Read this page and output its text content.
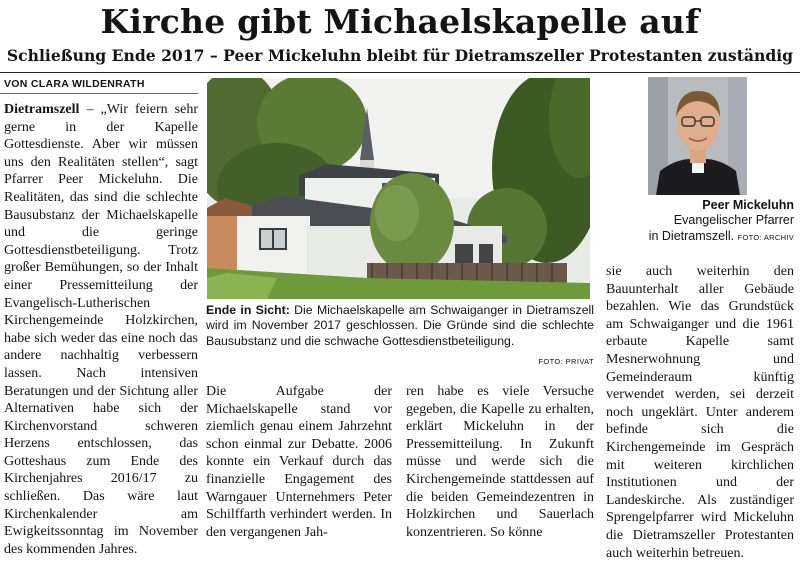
Kirche gibt Michaelskapelle auf
Schließung Ende 2017 – Peer Mickeluhn bleibt für Dietramszeller Protestanten zuständig
VON CLARA WILDENRATH
Dietramszell – „Wir feiern sehr gerne in der Kapelle Gottesdienste. Aber wir müssen uns den Realitäten stellen“, sagt Pfarrer Peer Mickeluhn. Die Realitäten, das sind die schlechte Bausubstanz der Michaelskapelle und die geringe Gottesdienstbeteiligung. Trotz großer Bemühungen, so der Inhalt einer Pressemitteilung der Evangelisch-Lutherischen Kirchengemeinde Holzkirchen, habe sich weder das eine noch das andere nachhaltig verbessern lassen. Nach intensiven Beratungen und der Sichtung aller Alternativen habe sich der Kirchenvorstand schweren Herzens entschlossen, das Gotteshaus zum Ende des Kirchenjahres 2016/17 zu schließen. Das wäre laut Kirchenkalender am Ewigkeitssonntag im November des kommenden Jahres.
Ende in Sicht: Die Michaelskapelle am Schwaiganger in Dietramszell wird im November 2017 geschlossen. Die Gründe sind die schlechte Bausubstanz und die schwache Gottesdienstbeteiligung.
FOTO: PRIVAT
Peer Mickeluhn
Evangelischer Pfarrer
in Dietramszell. FOTO: ARCHIV
Die Aufgabe der Michaelskapelle stand vor ziemlich genau einem Jahrzehnt schon einmal zur Debatte. 2006 konnte ein Verkauf durch das finanzielle Engagement des Warngauer Unternehmers Peter Schilffarth verhindert werden. In den vergangenen Jah-
ren habe es viele Versuche gegeben, die Kapelle zu erhalten, erklärt Mickeluhn in der Pressemitteilung. In Zukunft müsse und werde sich die Kirchengemeinde stattdessen auf die beiden Gemeindezentren in Holzkirchen und Sauerlach konzentrieren. So könne
sie auch weiterhin den Bauunterhalt aller Gebäude bezahlen. Wie das Grundstück am Schwaiganger und die 1961 erbaute Kapelle samt Mesnerwohnung und Gemeinderaum künftig verwendet werden, sei derzeit noch ungeklärt. Unter anderem befinde sich die Kirchengemeinde im Gespräch mit weiteren kirchlichen Institutionen und der Landeskirche. Als zuständiger Sprengelpfarrer wird Mickeluhn die Dietramszeller Protestanten auch weiterhin betreuen.
